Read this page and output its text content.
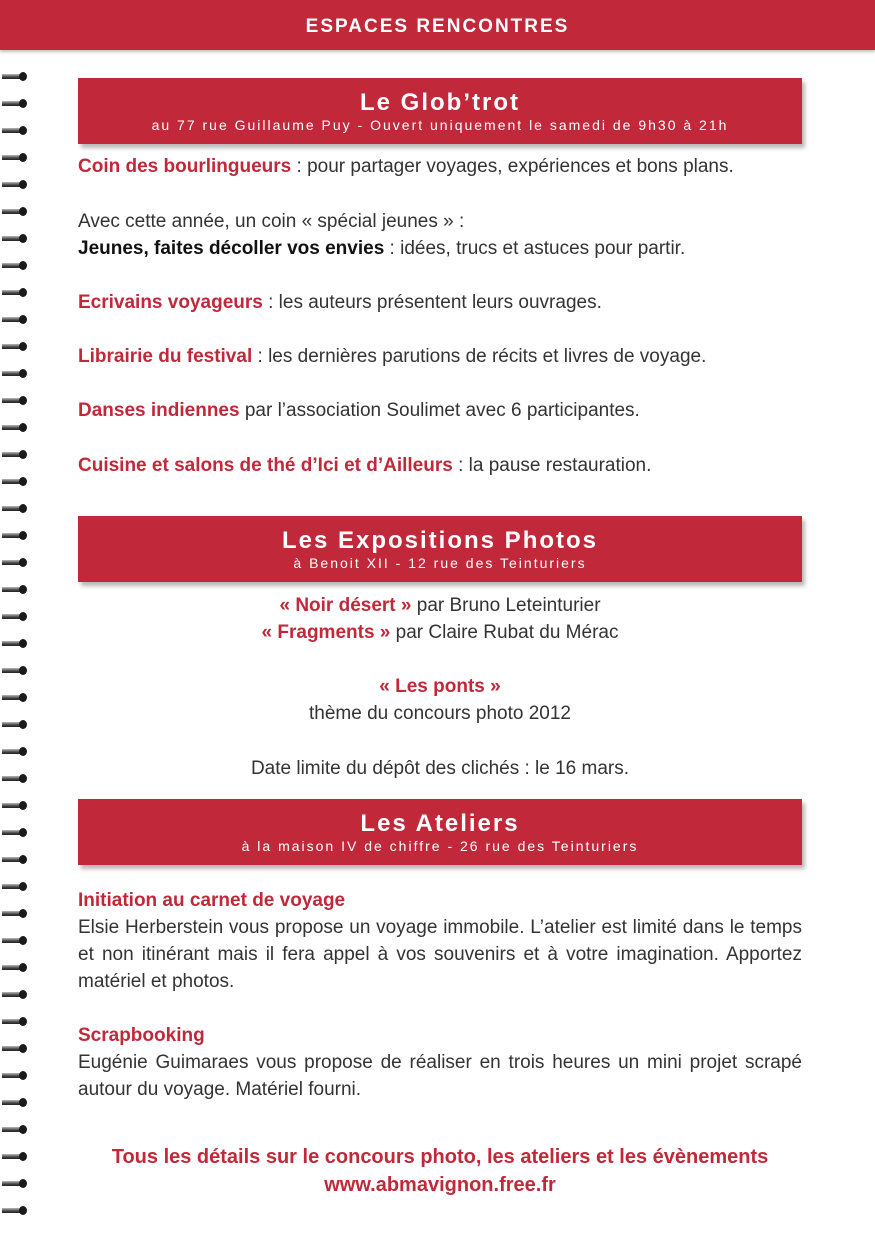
ESPACES RENCONTRES
Le Glob’trot
au 77 rue Guillaume Puy - Ouvert uniquement le samedi de 9h30 à 21h
Coin des bourlingueurs : pour partager voyages, expériences et bons plans.
Avec cette année, un coin « spécial jeunes » :
Jeunes, faites décoller vos envies : idées, trucs et astuces pour partir.
Ecrivains voyageurs : les auteurs présentent leurs ouvrages.
Librairie du festival : les dernières parutions de récits et livres de voyage.
Danses indiennes par l’association Soulimet avec 6 participantes.
Cuisine et salons de thé d’Ici et d’Ailleurs : la pause restauration.
Les Expositions Photos
à Benoit XII - 12 rue des Teinturiers
« Noir désert » par Bruno Leteinturier
« Fragments » par Claire Rubat du Mérac
« Les ponts »
thème du concours photo 2012
Date limite du dépôt des clichés : le 16 mars.
Les Ateliers
à la maison IV de chiffre - 26 rue des Teinturiers
Initiation au carnet de voyage
Elsie Herberstein vous propose un voyage immobile. L’atelier est limité dans le temps et non itinérant mais il fera appel à vos souvenirs et à votre imagination. Apportez matériel et photos.
Scrapbooking
Eugénie Guimaraes vous propose de réaliser en trois heures un mini projet scrapé autour du voyage. Matériel fourni.
Tous les détails sur le concours photo, les ateliers et les évènements
www.abmavignon.free.fr
